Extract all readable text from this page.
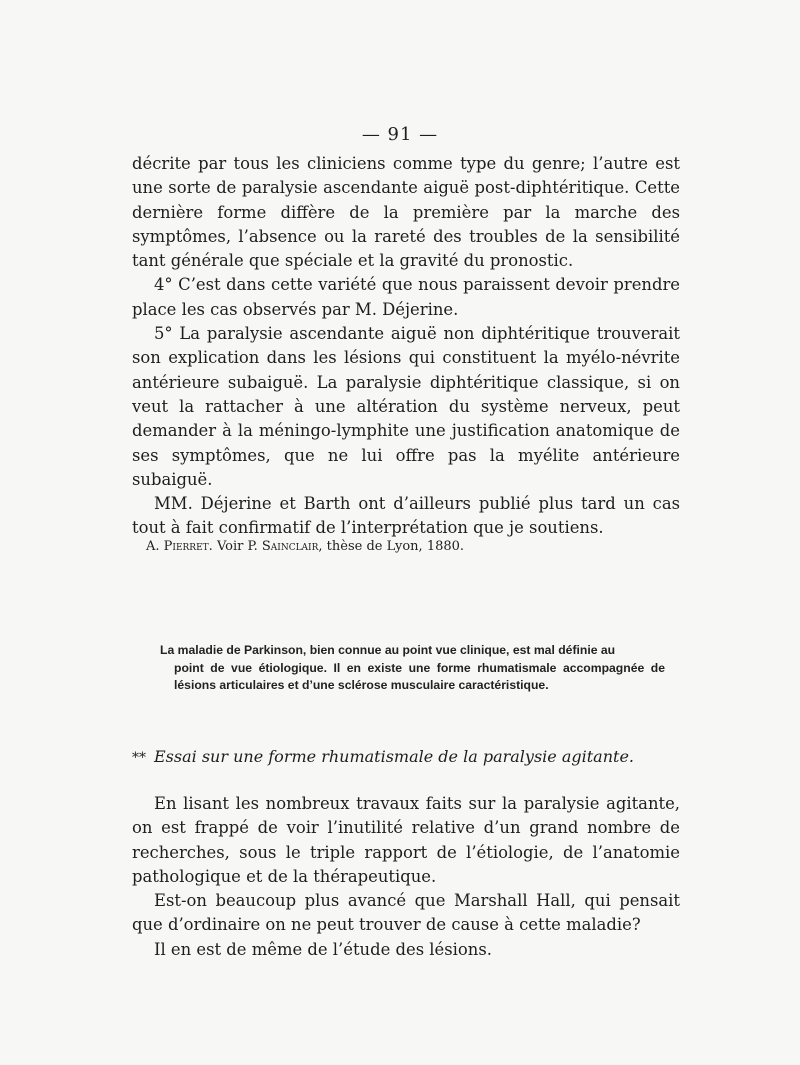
— 91 —

décrite par tous les cliniciens comme type du genre; l’autre est une sorte de paralysie ascendante aiguë post-diphtéritique. Cette dernière forme diffère de la première par la marche des symptômes, l’absence ou la rareté des troubles de la sensibilité tant générale que spéciale et la gravité du pronostic.

4° C’est dans cette variété que nous paraissent devoir prendre place les cas observés par M. Déjerine.

5° La paralysie ascendante aiguë non diphtéritique trouverait son explication dans les lésions qui constituent la myélo-névrite antérieure subaiguë. La paralysie diphtéritique classique, si on veut la rattacher à une altération du système nerveux, peut demander à la méningo-lymphite une justification anatomique de ses symptômes, que ne lui offre pas la myélite antérieure subaiguë.

MM. Déjerine et Barth ont d’ailleurs publié plus tard un cas tout à fait confirmatif de l’interprétation que je soutiens.

A. Pierret. Voir P. Sainclair, thèse de Lyon, 1880.
La maladie de Parkinson, bien connue au point vue clinique, est mal définie au
point de vue étiologique. Il en existe une forme rhumatismale accompagnée de lésions articulaires et d’une sclérose musculaire caractéristique.
** Essai sur une forme rhumatismale de la paralysie agitante.

En lisant les nombreux travaux faits sur la paralysie agitante, on est frappé de voir l’inutilité relative d’un grand nombre de recherches, sous le triple rapport de l’étiologie, de l’anatomie pathologique et de la thérapeutique.

Est-on beaucoup plus avancé que Marshall Hall, qui pensait que d’ordinaire on ne peut trouver de cause à cette maladie?

Il en est de même de l’étude des lésions.
